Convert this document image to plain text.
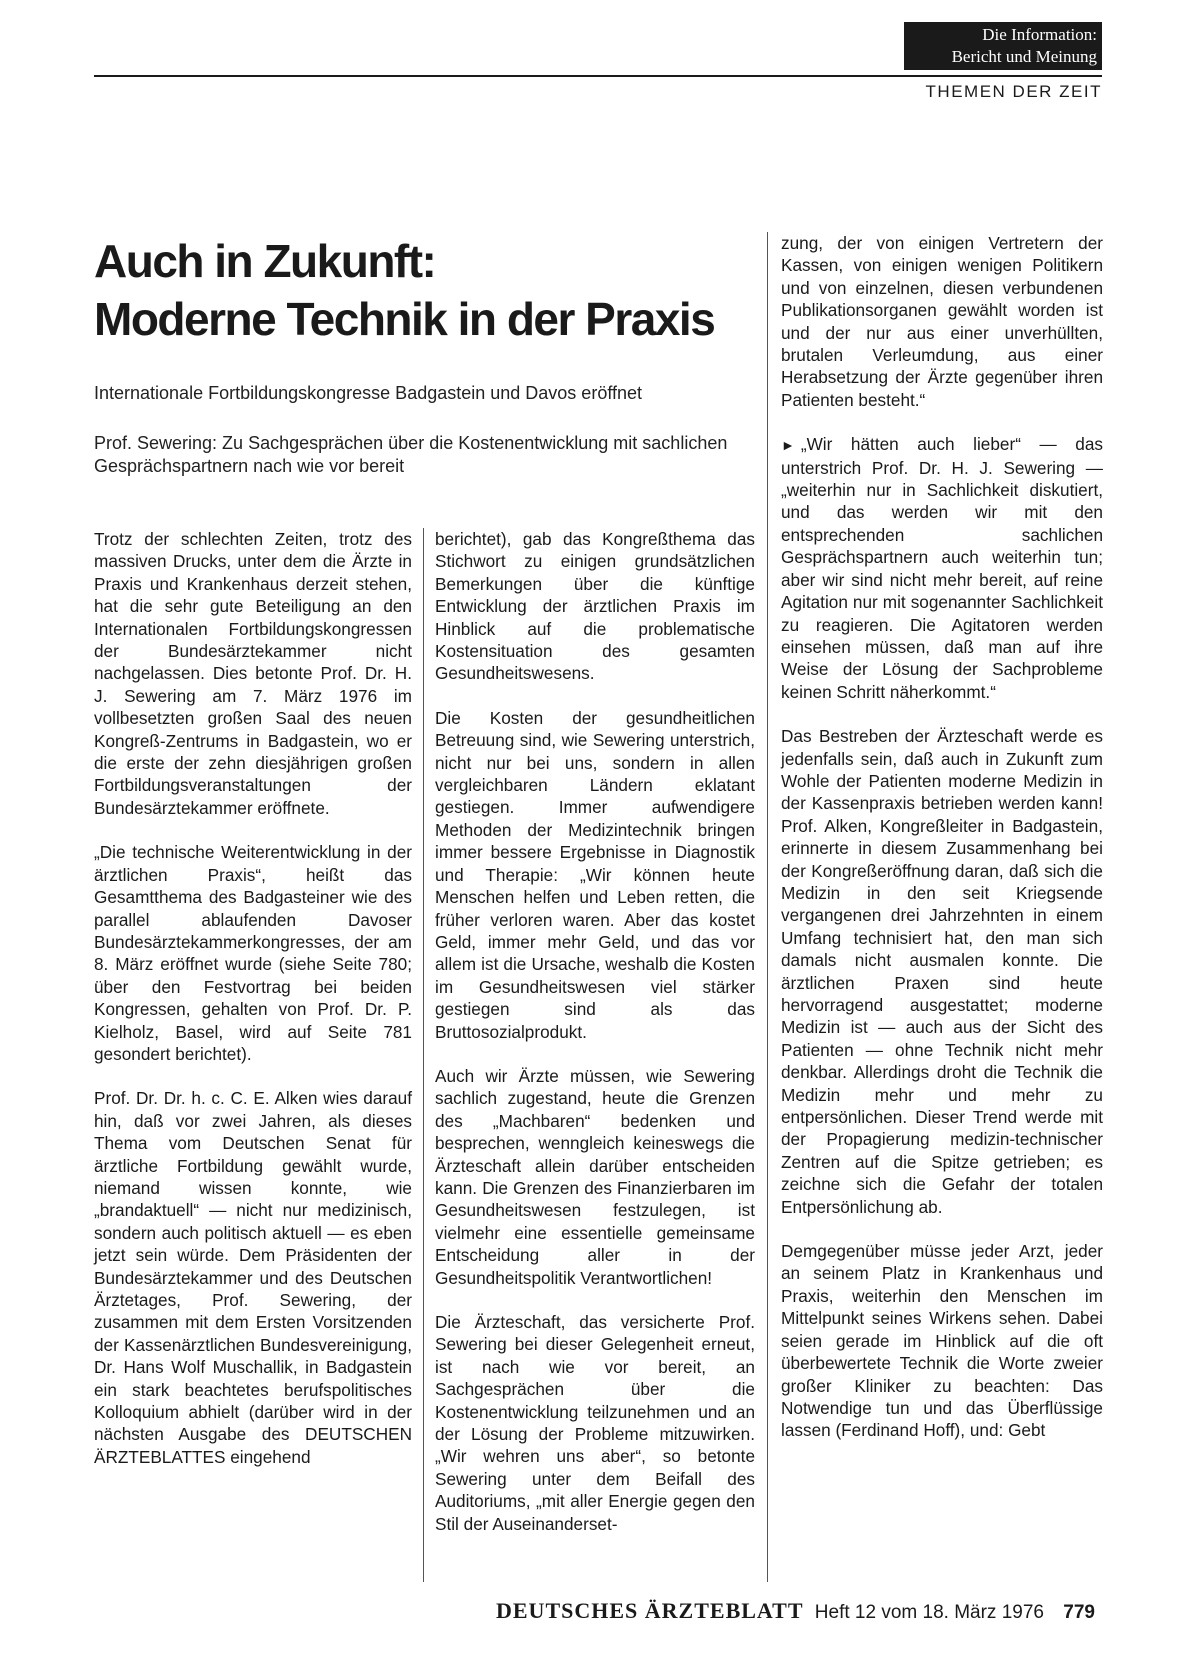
Die Information:
Bericht und Meinung
THEMEN DER ZEIT
Auch in Zukunft:
Moderne Technik in der Praxis

Internationale Fortbildungskongresse Badgastein und Davos eröffnet

Prof. Sewering: Zu Sachgesprächen über die Kostenentwicklung mit sachlichen Gesprächspartnern nach wie vor bereit

Trotz der schlechten Zeiten, trotz des massiven Drucks, unter dem die Ärzte in Praxis und Krankenhaus derzeit stehen, hat die sehr gute Beteiligung an den Internationalen Fortbildungskongressen der Bundesärztekammer nicht nachgelassen. Dies betonte Prof. Dr. H. J. Sewering am 7. März 1976 im vollbesetzten großen Saal des neuen Kongreß-Zentrums in Badgastein, wo er die erste der zehn diesjährigen großen Fortbildungsveranstaltungen der Bundesärztekammer eröffnete.

„Die technische Weiterentwicklung in der ärztlichen Praxis“, heißt das Gesamtthema des Badgasteiner wie des parallel ablaufenden Davoser Bundesärztekammerkongresses, der am 8. März eröffnet wurde (siehe Seite 780; über den Festvortrag bei beiden Kongressen, gehalten von Prof. Dr. P. Kielholz, Basel, wird auf Seite 781 gesondert berichtet).

Prof. Dr. Dr. h. c. C. E. Alken wies darauf hin, daß vor zwei Jahren, als dieses Thema vom Deutschen Senat für ärztliche Fortbildung gewählt wurde, niemand wissen konnte, wie „brandaktuell“ — nicht nur medizinisch, sondern auch politisch aktuell — es eben jetzt sein würde. Dem Präsidenten der Bundesärztekammer und des Deutschen Ärztetages, Prof. Sewering, der zusammen mit dem Ersten Vorsitzenden der Kassenärztlichen Bundesvereinigung, Dr. Hans Wolf Muschallik, in Badgastein ein stark beachtetes berufspolitisches Kolloquium abhielt (darüber wird in der nächsten Ausgabe des DEUTSCHEN ÄRZTEBLATTES eingehend

berichtet), gab das Kongreßthema das Stichwort zu einigen grundsätzlichen Bemerkungen über die künftige Entwicklung der ärztlichen Praxis im Hinblick auf die problematische Kostensituation des gesamten Gesundheitswesens.

Die Kosten der gesundheitlichen Betreuung sind, wie Sewering unterstrich, nicht nur bei uns, sondern in allen vergleichbaren Ländern eklatant gestiegen. Immer aufwendigere Methoden der Medizintechnik bringen immer bessere Ergebnisse in Diagnostik und Therapie: „Wir können heute Menschen helfen und Leben retten, die früher verloren waren. Aber das kostet Geld, immer mehr Geld, und das vor allem ist die Ursache, weshalb die Kosten im Gesundheitswesen viel stärker gestiegen sind als das Bruttosozialprodukt.

Auch wir Ärzte müssen, wie Sewering sachlich zugestand, heute die Grenzen des „Machbaren“ bedenken und besprechen, wenngleich keineswegs die Ärzteschaft allein darüber entscheiden kann. Die Grenzen des Finanzierbaren im Gesundheitswesen festzulegen, ist vielmehr eine essentielle gemeinsame Entscheidung aller in der Gesundheitspolitik Verantwortlichen!

Die Ärzteschaft, das versicherte Prof. Sewering bei dieser Gelegenheit erneut, ist nach wie vor bereit, an Sachgesprächen über die Kostenentwicklung teilzunehmen und an der Lösung der Probleme mitzuwirken. „Wir wehren uns aber“, so betonte Sewering unter dem Beifall des Auditoriums, „mit aller Energie gegen den Stil der Auseinanderset-

zung, der von einigen Vertretern der Kassen, von einigen wenigen Politikern und von einzelnen, diesen verbundenen Publikationsorganen gewählt worden ist und der nur aus einer unverhüllten, brutalen Verleumdung, aus einer Herabsetzung der Ärzte gegenüber ihren Patienten besteht.“

► „Wir hätten auch lieber“ — das unterstrich Prof. Dr. H. J. Sewering — „weiterhin nur in Sachlichkeit diskutiert, und das werden wir mit den entsprechenden sachlichen Gesprächspartnern auch weiterhin tun; aber wir sind nicht mehr bereit, auf reine Agitation nur mit sogenannter Sachlichkeit zu reagieren. Die Agitatoren werden einsehen müssen, daß man auf ihre Weise der Lösung der Sachprobleme keinen Schritt näherkommt.“

Das Bestreben der Ärzteschaft werde es jedenfalls sein, daß auch in Zukunft zum Wohle der Patienten moderne Medizin in der Kassenpraxis betrieben werden kann! Prof. Alken, Kongreßleiter in Badgastein, erinnerte in diesem Zusammenhang bei der Kongreßeröffnung daran, daß sich die Medizin in den seit Kriegsende vergangenen drei Jahrzehnten in einem Umfang technisiert hat, den man sich damals nicht ausmalen konnte. Die ärztlichen Praxen sind heute hervorragend ausgestattet; moderne Medizin ist — auch aus der Sicht des Patienten — ohne Technik nicht mehr denkbar. Allerdings droht die Technik die Medizin mehr und mehr zu entpersönlichen. Dieser Trend werde mit der Propagierung medizin-technischer Zentren auf die Spitze getrieben; es zeichne sich die Gefahr der totalen Entpersönlichung ab.

Demgegenüber müsse jeder Arzt, jeder an seinem Platz in Krankenhaus und Praxis, weiterhin den Menschen im Mittelpunkt seines Wirkens sehen. Dabei seien gerade im Hinblick auf die oft überbewertete Technik die Worte zweier großer Kliniker zu beachten: Das Notwendige tun und das Überflüssige lassen (Ferdinand Hoff), und: Gebt

DEUTSCHES ÄRZTEBLATT Heft 12 vom 18. März 1976 779
